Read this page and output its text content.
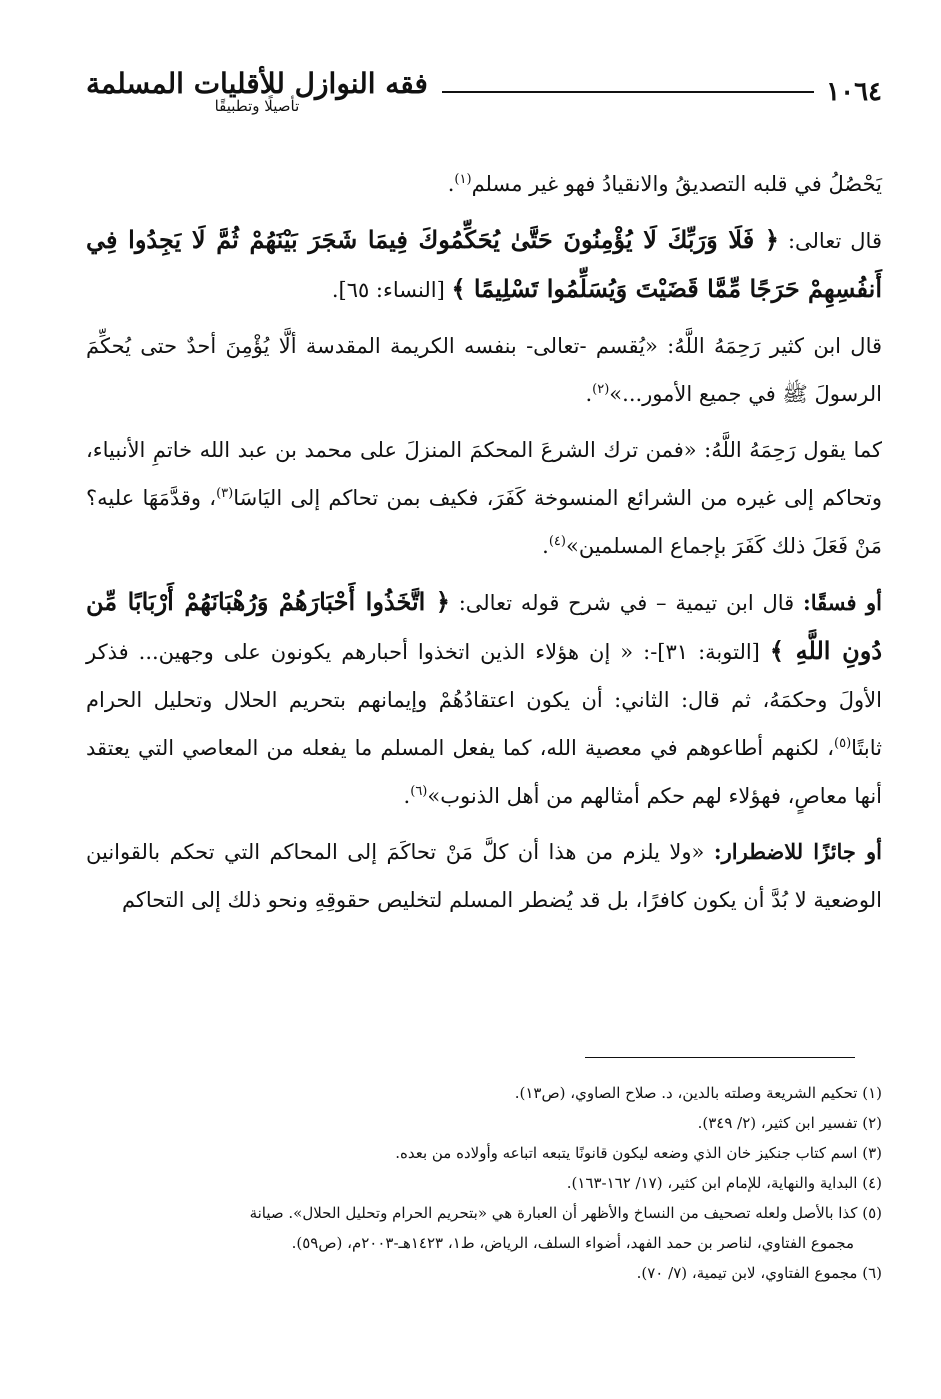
١٠٦٤
فقه النوازل للأقليات المسلمة
تأصيلًا وتطبيقًا

يَحْصُلُ في قلبه التصديقُ والانقيادُ فهو غير مسلم$^{(١)}$.

قال تعالى: ﴿ فَلَا وَرَبِّكَ لَا يُؤْمِنُونَ حَتَّىٰ يُحَكِّمُوكَ فِيمَا شَجَرَ بَيْنَهُمْ ثُمَّ لَا يَجِدُوا فِي أَنفُسِهِمْ حَرَجًا مِّمَّا قَضَيْتَ وَيُسَلِّمُوا تَسْلِيمًا ﴾ [النساء: ٦٥].

قال ابن كثير رَحِمَهُ اللَّهُ: «يُقسم -تعالى- بنفسه الكريمة المقدسة ألَّا يُؤْمِنَ أحدٌ حتى يُحكِّمَ الرسولَ ﷺ في جميع الأمور...»$^{(٢)}$.

كما يقول رَحِمَهُ اللَّهُ: «فمن ترك الشرعَ المحكمَ المنزلَ على محمد بن عبد الله خاتمِ الأنبياء، وتحاكم إلى غيره من الشرائع المنسوخة كَفَرَ، فكيف بمن تحاكم إلى اليَاسَا$^{(٣)}$، وقدَّمَهَا عليه؟ مَنْ فَعَلَ ذلك كَفَرَ بإجماع المسلمين»$^{(٤)}$.

أو فسقًا: قال ابن تيمية – في شرح قوله تعالى: ﴿ اتَّخَذُوا أَحْبَارَهُمْ وَرُهْبَانَهُمْ أَرْبَابًا مِّن دُونِ اللَّهِ ﴾ [التوبة: ٣١]-: « إن هؤلاء الذين اتخذوا أحبارهم يكونون على وجهين... فذكر الأولَ وحكمَهُ، ثم قال: الثاني: أن يكون اعتقادُهُمْ وإيمانهم بتحريم الحلال وتحليل الحرام ثابتًا$^{(٥)}$، لكنهم أطاعوهم في معصية الله، كما يفعل المسلم ما يفعله من المعاصي التي يعتقد أنها معاصٍ، فهؤلاء لهم حكم أمثالهم من أهل الذنوب»$^{(٦)}$.

أو جائزًا للاضطرار: «ولا يلزم من هذا أن كلَّ مَنْ تحاكَمَ إلى المحاكم التي تحكم بالقوانين الوضعية لا بُدَّ أن يكون كافرًا، بل قد يُضطر المسلم لتخليص حقوقِهِ ونحو ذلك إلى التحاكم

(١) تحكيم الشريعة وصلته بالدين، د. صلاح الصاوي، (ص١٣).

(٢) تفسير ابن كثير، (٢/ ٣٤٩).

(٣) اسم كتاب جنكيز خان الذي وضعه ليكون قانونًا يتبعه اتباعه وأولاده من بعده.

(٤) البداية والنهاية، للإمام ابن كثير، (١٧/ ١٦٢-١٦٣).

(٥) كذا بالأصل ولعله تصحيف من النساخ والأظهر أن العبارة هي «بتحريم الحرام وتحليل الحلال». صيانة

مجموع الفتاوي، لناصر بن حمد الفهد، أضواء السلف، الرياض، ط١، ١٤٢٣هـ-٢٠٠٣م، (ص٥٩).

(٦) مجموع الفتاوي، لابن تيمية، (٧/ ٧٠).
